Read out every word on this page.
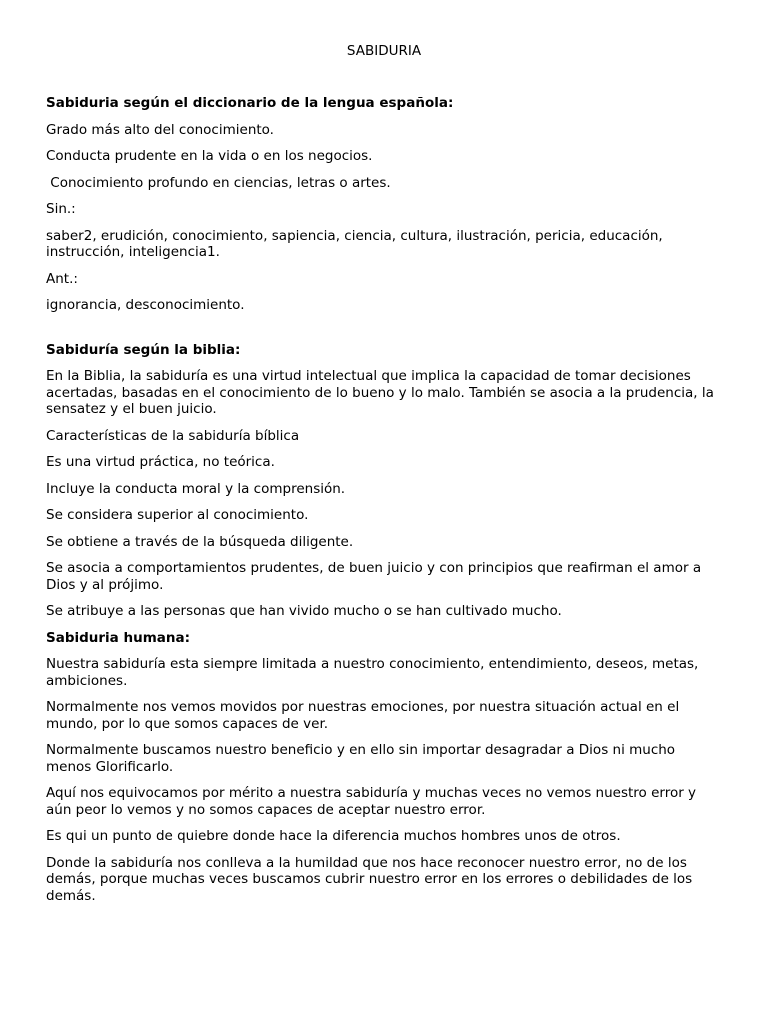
SABIDURIA

Sabiduria según el diccionario de la lengua española:

Grado más alto del conocimiento.

Conducta prudente en la vida o en los negocios.

Conocimiento profundo en ciencias, letras o artes.

Sin.:

saber2, erudición, conocimiento, sapiencia, ciencia, cultura, ilustración, pericia, educación, instrucción, inteligencia1.

Ant.:

ignorancia, desconocimiento.

Sabiduría según la biblia:

En la Biblia, la sabiduría es una virtud intelectual que implica la capacidad de tomar decisiones acertadas, basadas en el conocimiento de lo bueno y lo malo. También se asocia a la prudencia, la sensatez y el buen juicio.

Características de la sabiduría bíblica

Es una virtud práctica, no teórica.

Incluye la conducta moral y la comprensión.

Se considera superior al conocimiento.

Se obtiene a través de la búsqueda diligente.

Se asocia a comportamientos prudentes, de buen juicio y con principios que reafirman el amor a Dios y al prójimo.

Se atribuye a las personas que han vivido mucho o se han cultivado mucho.

Sabiduria humana:

Nuestra sabiduría esta siempre limitada a nuestro conocimiento, entendimiento, deseos, metas, ambiciones.

Normalmente nos vemos movidos por nuestras emociones, por nuestra situación actual en el mundo, por lo que somos capaces de ver.

Normalmente buscamos nuestro beneficio y en ello sin importar desagradar a Dios ni mucho menos Glorificarlo.

Aquí nos equivocamos por mérito a nuestra sabiduría y muchas veces no vemos nuestro error y aún peor lo vemos y no somos capaces de aceptar nuestro error.

Es qui un punto de quiebre donde hace la diferencia muchos hombres unos de otros.

Donde la sabiduría nos conlleva a la humildad que nos hace reconocer nuestro error, no de los demás, porque muchas veces buscamos cubrir nuestro error en los errores o debilidades de los demás.
